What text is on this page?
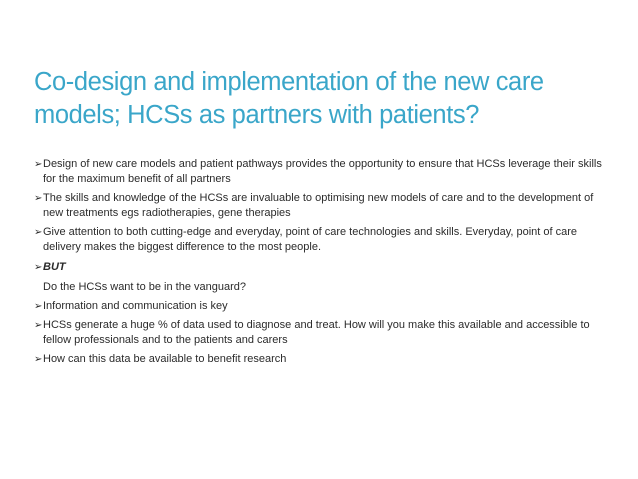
Co-design and implementation of the new care models; HCSs as partners with patients?
➢ Design of new care models and patient pathways provides the opportunity to ensure that HCSs leverage their skills for the maximum benefit of all partners
➢ The skills and knowledge of the HCSs are invaluable to optimising new models of care and to the development of new treatments egs radiotherapies, gene therapies
➢ Give attention to both cutting-edge and everyday, point of care technologies and skills. Everyday, point of care delivery makes the biggest difference to the most people.
➢ BUT
Do the HCSs want to be in the vanguard?
➢ Information and communication is key
➢ HCSs generate a huge % of data used to diagnose and treat. How will you make this available and accessible to fellow professionals and to the patients and carers
➢ How can this data be available to benefit research
